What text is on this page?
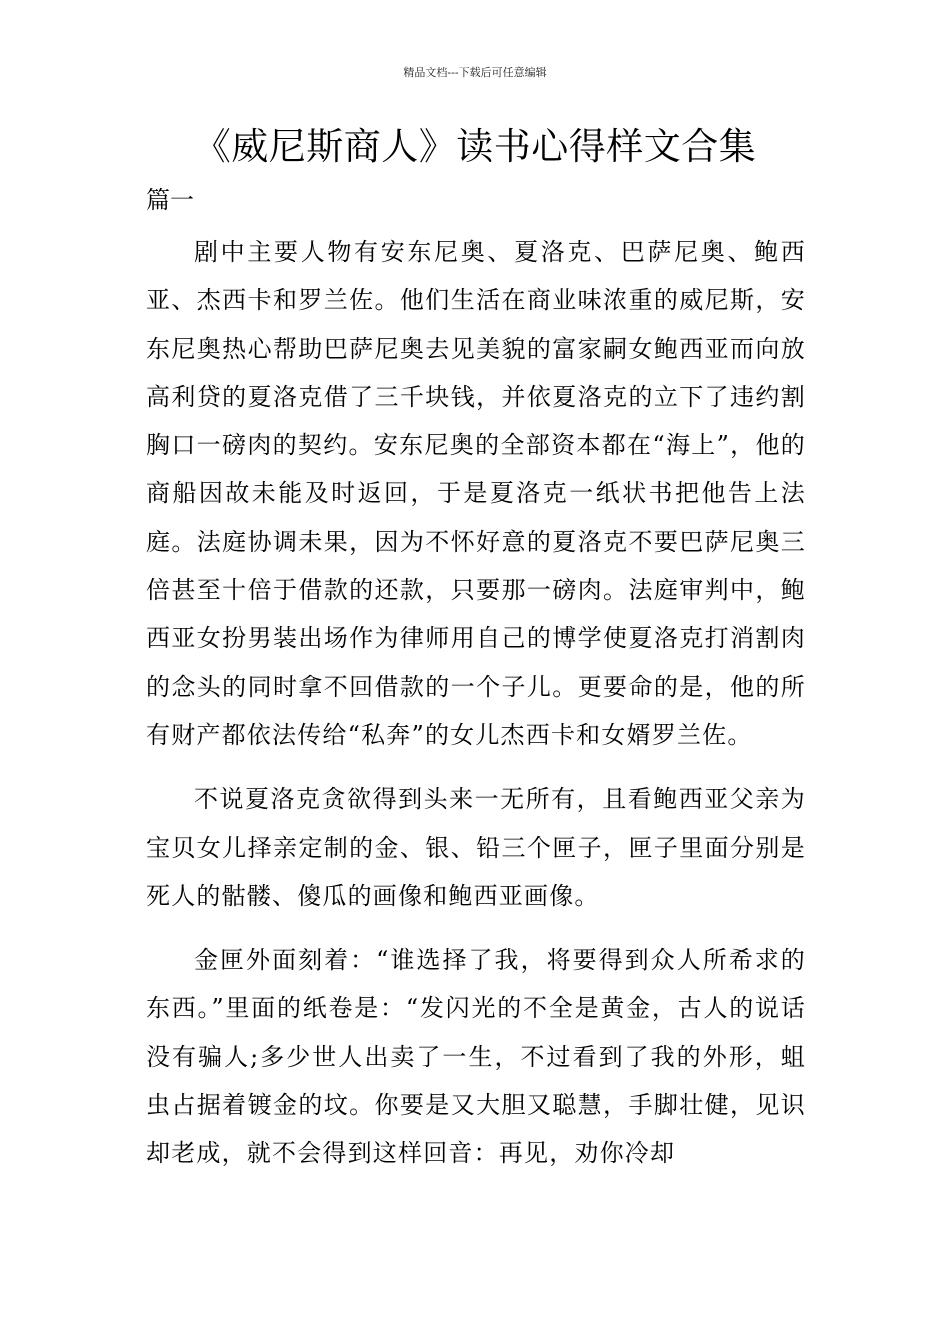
精品文档---下载后可任意编辑
《威尼斯商人》读书心得样文合集
篇一

剧中主要人物有安东尼奥、夏洛克、巴萨尼奥、鲍西亚、杰西卡和罗兰佐。他们生活在商业味浓重的威尼斯，安东尼奥热心帮助巴萨尼奥去见美貌的富家嗣女鲍西亚而向放高利贷的夏洛克借了三千块钱，并依夏洛克的立下了违约割胸口一磅肉的契约。安东尼奥的全部资本都在“海上”，他的商船因故未能及时返回，于是夏洛克一纸状书把他告上法庭。法庭协调未果，因为不怀好意的夏洛克不要巴萨尼奥三倍甚至十倍于借款的还款，只要那一磅肉。法庭审判中，鲍西亚女扮男装出场作为律师用自己的博学使夏洛克打消割肉的念头的同时拿不回借款的一个子儿。更要命的是，他的所有财产都依法传给“私奔”的女儿杰西卡和女婿罗兰佐。

不说夏洛克贪欲得到头来一无所有，且看鲍西亚父亲为宝贝女儿择亲定制的金、银、铅三个匣子，匣子里面分别是死人的骷髅、傻瓜的画像和鲍西亚画像。

金匣外面刻着：“谁选择了我，将要得到众人所希求的东西。”里面的纸卷是：“发闪光的不全是黄金，古人的说话没有骗人;多少世人出卖了一生，不过看到了我的外形，蛆虫占据着镀金的坟。你要是又大胆又聪慧，手脚壮健，见识却老成，就不会得到这样回音：再见，劝你冷却
